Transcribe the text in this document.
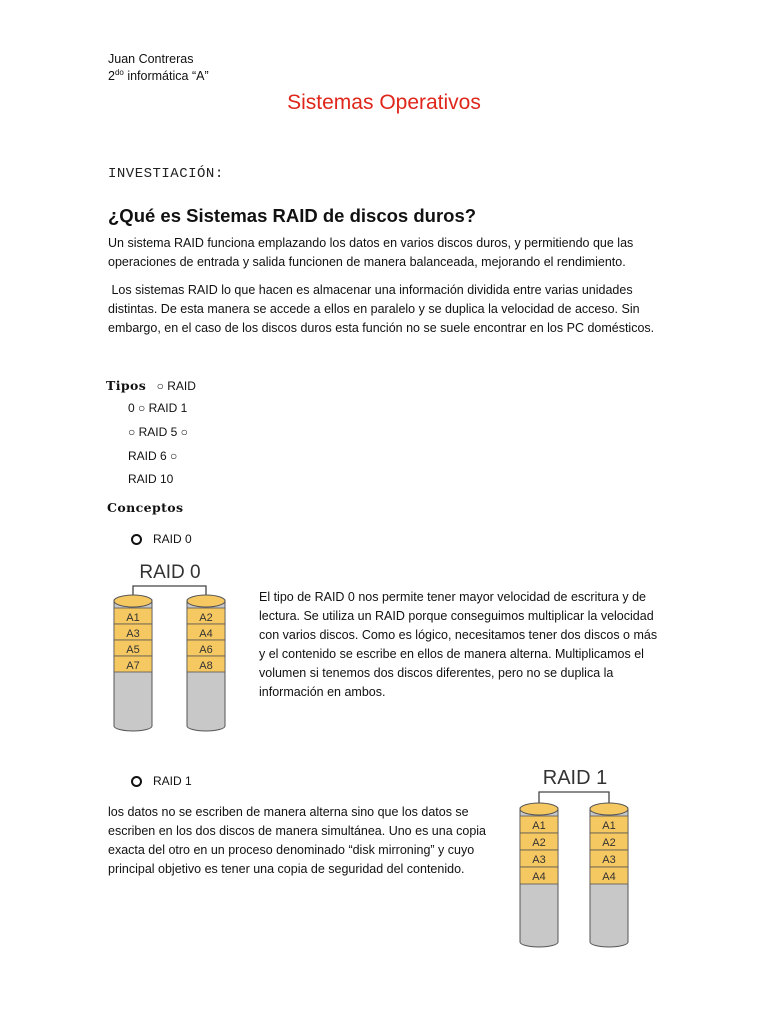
Juan Contreras
$2^{do}$ informática “A”
Sistemas Operativos
INVESTIACIÓN:
¿Qué es Sistemas RAID de discos duros?
Un sistema RAID funciona emplazando los datos en varios discos duros, y permitiendo que las
operaciones de entrada y salida funcionen de manera balanceada, mejorando el rendimiento.
Los sistemas RAID lo que hacen es almacenar una información dividida entre varias unidades
distintas. De esta manera se accede a ellos en paralelo y se duplica la velocidad de acceso. Sin
embargo, en el caso de los discos duros esta función no se suele encontrar en los PC domésticos.
Tipos ○ RAID
0 ○ RAID 1
○ RAID 5 ○
RAID 6 ○
RAID 10
Conceptos
RAID 0
RAID 0
A1
A3
A5
A7
A2
A4
A6
A8
El tipo de RAID 0 nos permite tener mayor velocidad de escritura y de
lectura. Se utiliza un RAID porque conseguimos multiplicar la velocidad
con varios discos. Como es lógico, necesitamos tener dos discos o más
y el contenido se escribe en ellos de manera alterna. Multiplicamos el
volumen si tenemos dos discos diferentes, pero no se duplica la
información en ambos.
RAID 1
los datos no se escriben de manera alterna sino que los datos se
escriben en los dos discos de manera simultánea. Uno es una copia
exacta del otro en un proceso denominado “disk mirroning” y cuyo
principal objetivo es tener una copia de seguridad del contenido.
RAID 1
A1
A2
A3
A4
A1
A2
A3
A4
